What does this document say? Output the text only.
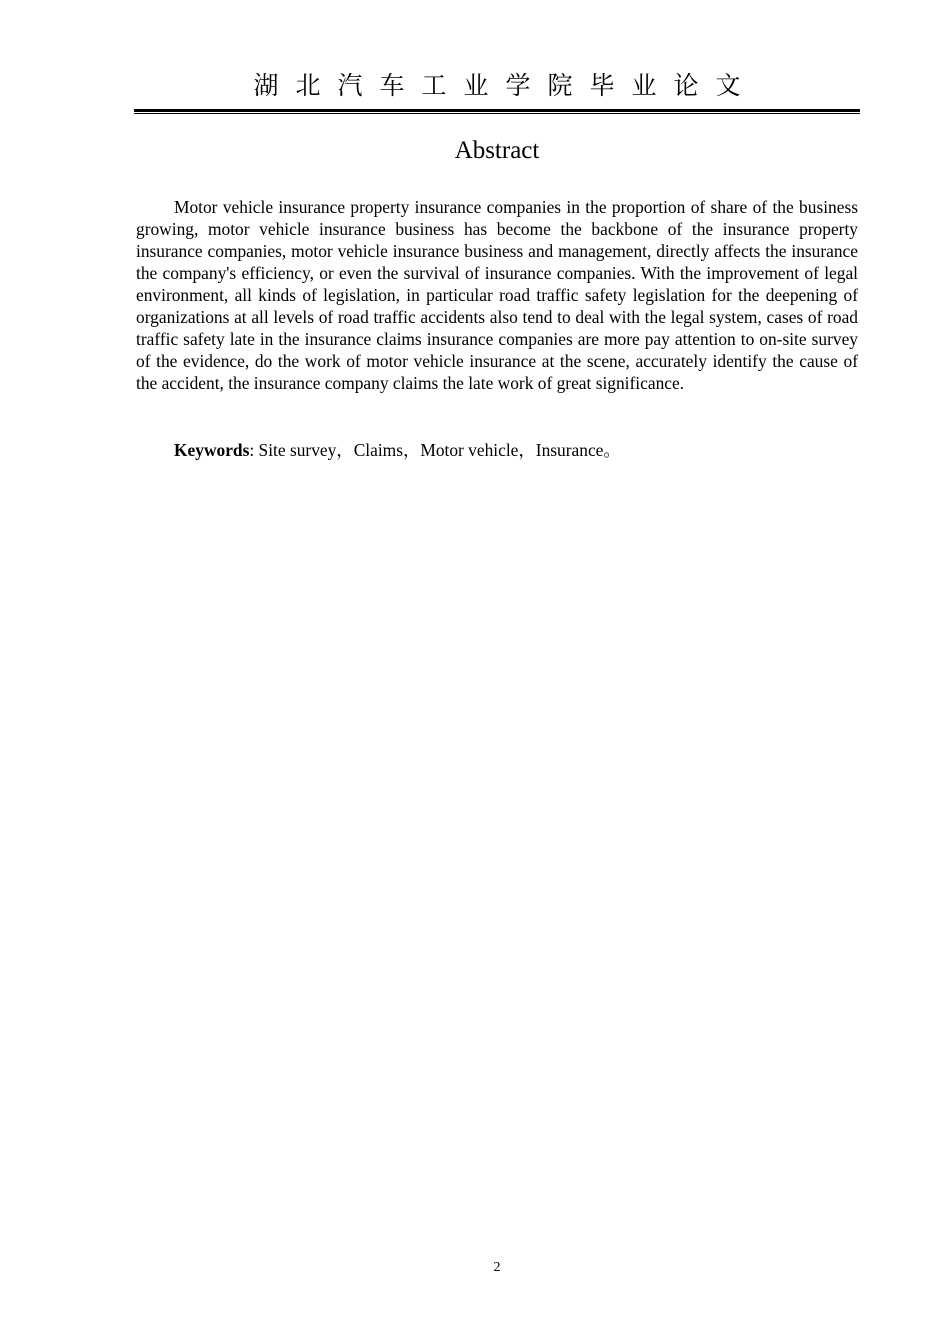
湖北汽车工业学院毕业论文
Abstract

Motor vehicle insurance property insurance companies in the proportion of share of the business growing, motor vehicle insurance business has become the backbone of the insurance property insurance companies, motor vehicle insurance business and management, directly affects the insurance the company's efficiency, or even the survival of insurance companies. With the improvement of legal environment, all kinds of legislation, in particular road traffic safety legislation for the deepening of organizations at all levels of road traffic accidents also tend to deal with the legal system, cases of road traffic safety late in the insurance claims insurance companies are more pay attention to on-site survey of the evidence, do the work of motor vehicle insurance at the scene, accurately identify the cause of the accident, the insurance company claims the late work of great significance.

Keywords: Site survey，Claims，Motor vehicle，Insurance。

2
